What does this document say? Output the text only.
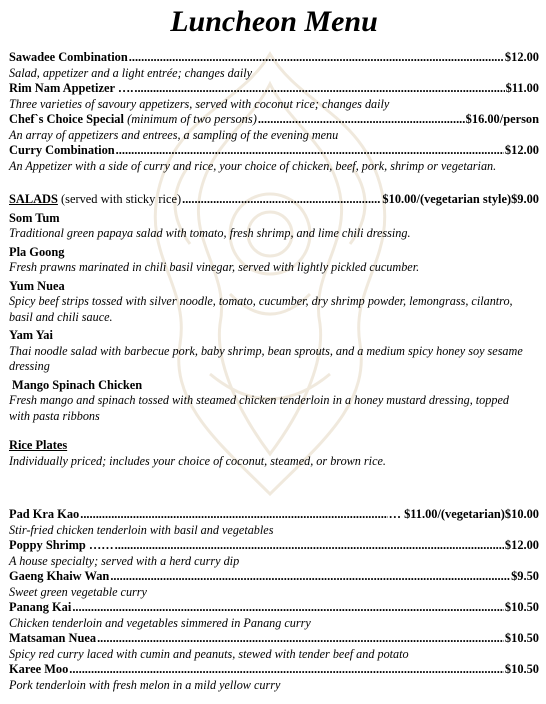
Luncheon Menu
Sawadee Combination .....	$12.00
Salad, appetizer and a light entrée; changes daily
Rim Nam Appetizer …. .....	$11.00
Three varieties of savoury appetizers, served with coconut rice; changes daily
Chef`s Choice Special
(minimum of two persons) .....	$16.00/person
An array of appetizers and entrees, a sampling of the evening menu
Curry Combination .....	$12.00
An Appetizer with a side of curry and rice, your choice of chicken, beef, pork, shrimp or vegetarian.
SALADS
(served with sticky rice) .....	$10.00/(vegetarian style)$9.00
Som Tum
Traditional green papaya salad with tomato, fresh shrimp, and lime chili dressing.
Pla Goong
Fresh prawns marinated in chili basil vinegar, served with lightly pickled cucumber.
Yum Nuea
Spicy beef strips tossed with silver noodle, tomato, cucumber, dry shrimp powder, lemongrass, cilantro, basil and chili sauce.
Yam Yai
Thai noodle salad with barbecue pork, baby shrimp, bean sprouts, and a medium spicy honey soy sesame dressing
Mango Spinach Chicken
Fresh mango and spinach tossed with steamed chicken tenderloin in a honey mustard dressing, topped with pasta ribbons
Rice Plates
Individually priced; includes your choice of coconut, steamed, or brown rice.
Pad Kra Kao .....	… $11.00/(vegetarian)$10.00
Stir-fried chicken tenderloin with basil and vegetables
Poppy Shrimp …… .....	$12.00
A house specialty; served with a herd curry dip
Gaeng Khaiw Wan .....	$9.50
Sweet green vegetable curry
Panang Kai .....	$10.50
Chicken tenderloin and vegetables simmered in Panang curry
Matsaman Nuea .....	$10.50
Spicy red curry laced with cumin and peanuts, stewed with tender beef and potato
Karee Moo .....	$10.50
Pork tenderloin with fresh melon in a mild yellow curry
